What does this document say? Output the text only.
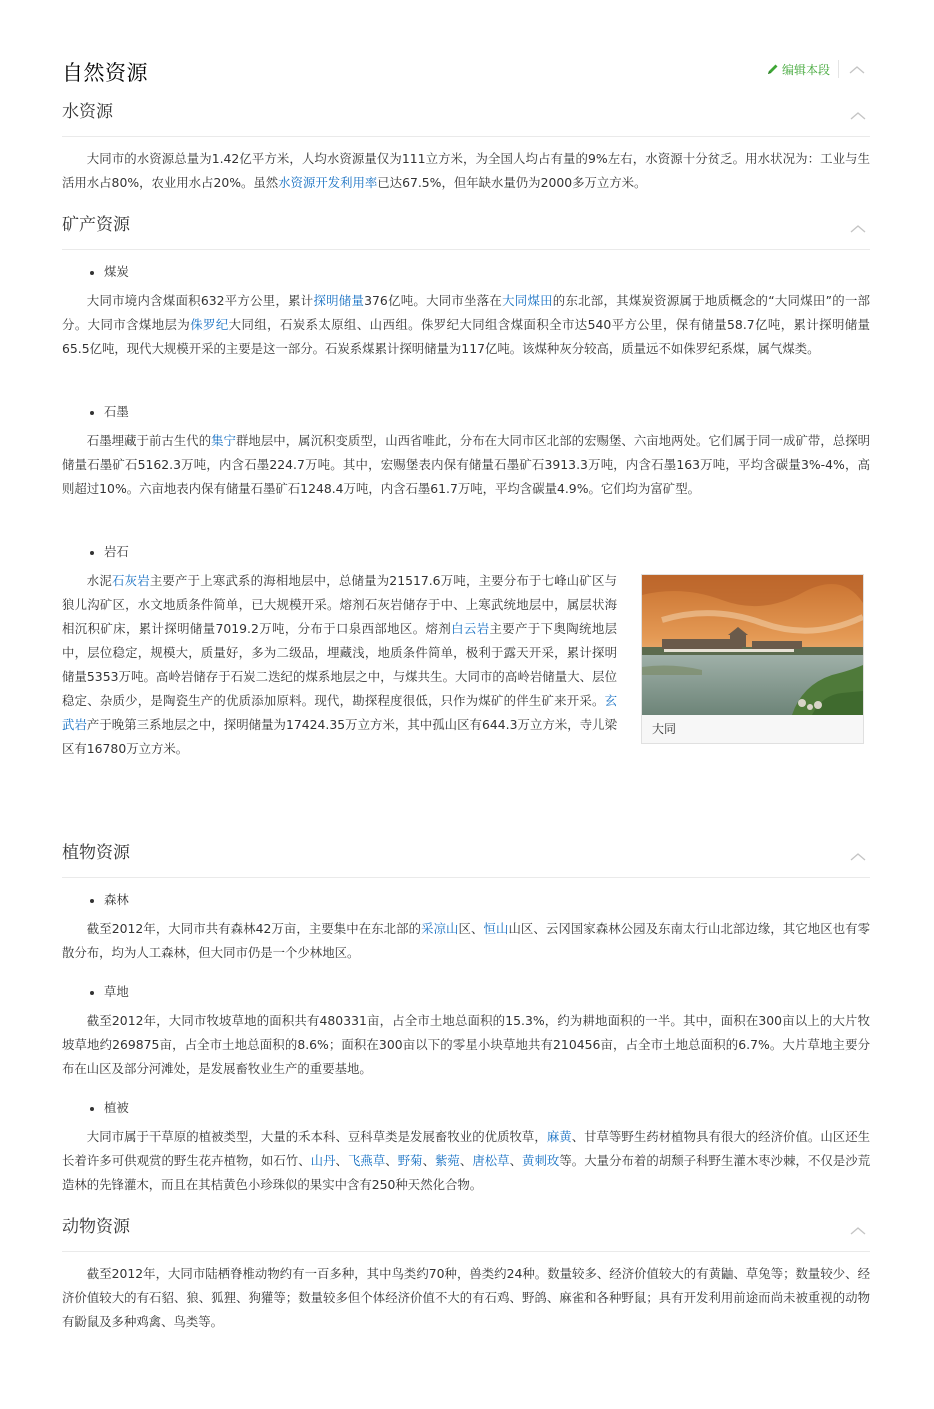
自然资源	编辑本段
水资源

大同市的水资源总量为1.42亿平方米，人均水资源量仅为111立方米，为全国人均占有量的9%左右，水资源十分贫乏。用水状况为：工业与生活用水占80%，农业用水占20%。虽然水资源开发利用率已达67.5%，但年缺水量仍为2000多万立方米。

矿产资源
煤炭

大同市境内含煤面积632平方公里，累计探明储量376亿吨。大同市坐落在大同煤田的东北部，其煤炭资源属于地质概念的“大同煤田”的一部分。大同市含煤地层为侏罗纪大同组，石炭系太原组、山西组。侏罗纪大同组含煤面积全市达540平方公里，保有储量58.7亿吨，累计探明储量65.5亿吨，现代大规模开采的主要是这一部分。石炭系煤累计探明储量为117亿吨。该煤种灰分较高，质量远不如侏罗纪系煤，属气煤类。

石墨

石墨埋藏于前古生代的集宁群地层中，属沉积变质型，山西省唯此，分布在大同市区北部的宏赐堡、六亩地两处。它们属于同一成矿带，总探明储量石墨矿石5162.3万吨，内含石墨224.7万吨。其中，宏赐堡表内保有储量石墨矿石3913.3万吨，内含石墨163万吨，平均含碳量3%-4%，高则超过10%。六亩地表内保有储量石墨矿石1248.4万吨，内含石墨61.7万吨，平均含碳量4.9%。它们均为富矿型。

岩石

水泥石灰岩主要产于上寒武系的海相地层中，总储量为21517.6万吨，主要分布于七峰山矿区与狼儿沟矿区，水文地质条件简单，已大规模开采。熔剂石灰岩储存于中、上寒武统地层中，属层状海相沉积矿床，累计探明储量7019.2万吨，分布于口泉西部地区。熔剂白云岩主要产于下奥陶统地层中，层位稳定，规模大，质量好，多为二级品，埋藏浅，地质条件简单，极利于露天开采，累计探明储量5353万吨。高岭岩储存于石炭二迭纪的煤系地层之中，与煤共生。大同市的高岭岩储量大、层位稳定、杂质少，是陶瓷生产的优质添加原料。现代，勘探程度很低，只作为煤矿的伴生矿来开采。玄武岩产于晚第三系地层之中，探明储量为17424.35万立方米，其中孤山区有644.3万立方米，寺儿梁区有16780万立方米。

大同
植物资源
森林

截至2012年，大同市共有森林42万亩，主要集中在东北部的采凉山区、恒山山区、云冈国家森林公园及东南太行山北部边缘，其它地区也有零散分布，均为人工森林，但大同市仍是一个少林地区。

草地

截至2012年，大同市牧坡草地的面积共有480331亩，占全市土地总面积的15.3%，约为耕地面积的一半。其中，面积在300亩以上的大片牧坡草地约269875亩，占全市土地总面积的8.6%；面积在300亩以下的零星小块草地共有210456亩，占全市土地总面积的6.7%。大片草地主要分布在山区及部分河滩处，是发展畜牧业生产的重要基地。

植被

大同市属于干草原的植被类型，大量的禾本科、豆科草类是发展畜牧业的优质牧草，麻黄、甘草等野生药材植物具有很大的经济价值。山区还生长着许多可供观赏的野生花卉植物，如石竹、山丹、飞燕草、野菊、紫菀、唐松草、黄刺玫等。大量分布着的胡颓子科野生灌木枣沙棘，不仅是沙荒造林的先锋灌木，而且在其桔黄色小珍珠似的果实中含有250种天然化合物。

动物资源

截至2012年，大同市陆栖脊椎动物约有一百多种，其中鸟类约70种，兽类约24种。数量较多、经济价值较大的有黄鼬、草兔等；数量较少、经济价值较大的有石貂、狼、狐狸、狗獾等；数量较多但个体经济价值不大的有石鸡、野鸽、麻雀和各种野鼠；具有开发利用前途而尚未被重视的动物有鼢鼠及多种鸡禽、鸟类等。
